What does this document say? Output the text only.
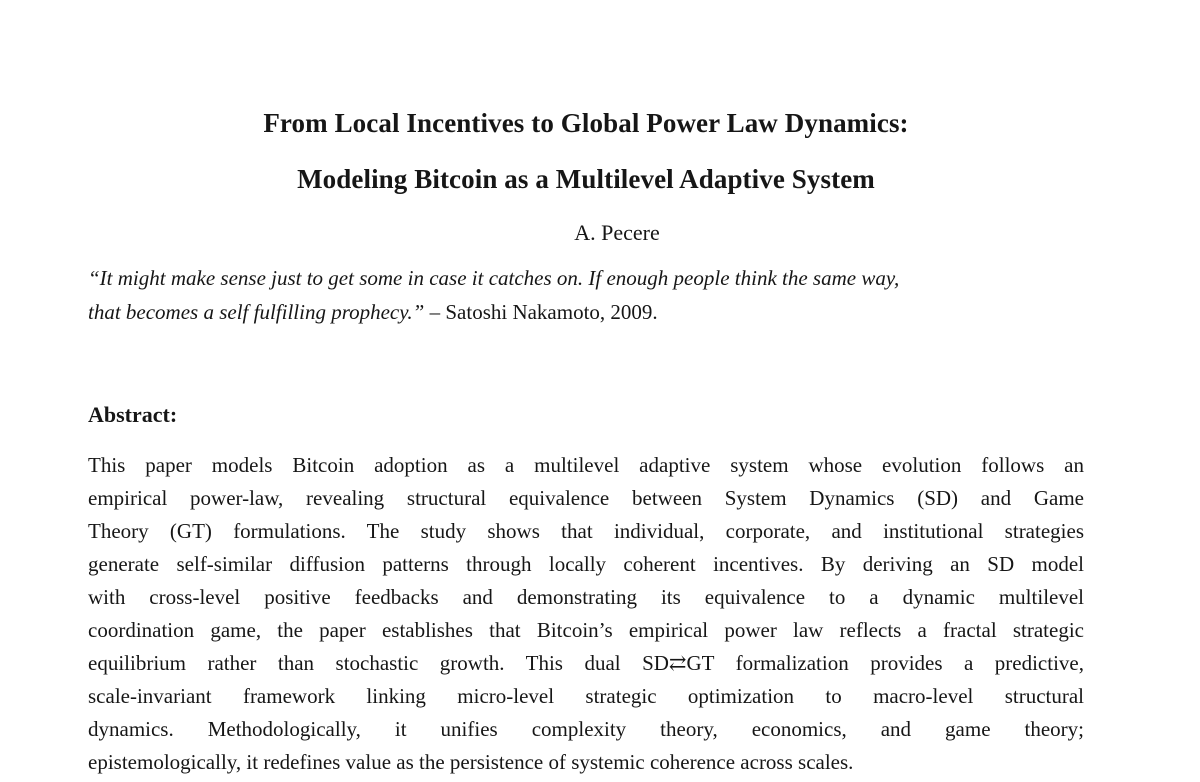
From Local Incentives to Global Power Law Dynamics:
Modeling Bitcoin as a Multilevel Adaptive System
A. Pecere
“It might make sense just to get some in case it catches on. If enough people think the same way,
that becomes a self fulfilling prophecy.” – Satoshi Nakamoto, 2009.
Abstract:
This paper models Bitcoin adoption as a multilevel adaptive system whose evolution follows an
empirical power-law, revealing structural equivalence between System Dynamics (SD) and Game
Theory (GT) formulations. The study shows that individual, corporate, and institutional strategies
generate self-similar diffusion patterns through locally coherent incentives. By deriving an SD model
with cross-level positive feedbacks and demonstrating its equivalence to a dynamic multilevel
coordination game, the paper establishes that Bitcoin’s empirical power law reflects a fractal strategic
equilibrium rather than stochastic growth. This dual SD⇄GT formalization provides a predictive,
scale-invariant framework linking micro-level strategic optimization to macro-level structural
dynamics. Methodologically, it unifies complexity theory, economics, and game theory;
epistemologically, it redefines value as the persistence of systemic coherence across scales.
